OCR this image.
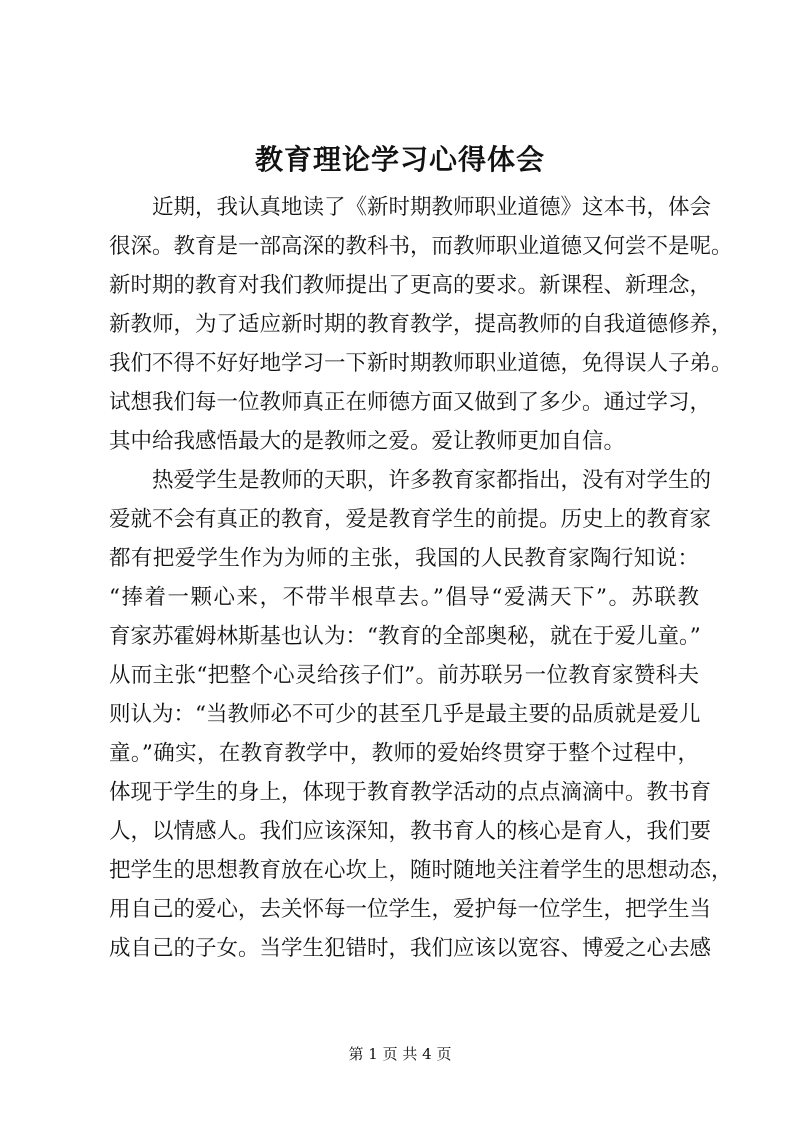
教育理论学习心得体会
近期，我认真地读了《新时期教师职业道德》这本书，体会
很深。教育是一部高深的教科书，而教师职业道德又何尝不是呢。
新时期的教育对我们教师提出了更高的要求。新课程、新理念，
新教师，为了适应新时期的教育教学，提高教师的自我道德修养，
我们不得不好好地学习一下新时期教师职业道德，免得误人子弟。
试想我们每一位教师真正在师德方面又做到了多少。通过学习，
其中给我感悟最大的是教师之爱。爱让教师更加自信。
热爱学生是教师的天职，许多教育家都指出，没有对学生的
爱就不会有真正的教育，爱是教育学生的前提。历史上的教育家
都有把爱学生作为为师的主张，我国的人民教育家陶行知说：
“捧着一颗心来，不带半根草去。”倡导“爱满天下”。苏联教
育家苏霍姆林斯基也认为：“教育的全部奥秘，就在于爱儿童。”
从而主张“把整个心灵给孩子们”。前苏联另一位教育家赞科夫
则认为：“当教师必不可少的甚至几乎是最主要的品质就是爱儿
童。”确实，在教育教学中，教师的爱始终贯穿于整个过程中，
体现于学生的身上，体现于教育教学活动的点点滴滴中。教书育
人，以情感人。我们应该深知，教书育人的核心是育人，我们要
把学生的思想教育放在心坎上，随时随地关注着学生的思想动态，
用自己的爱心，去关怀每一位学生，爱护每一位学生，把学生当
成自己的子女。当学生犯错时，我们应该以宽容、博爱之心去感
第 1 页 共 4 页
